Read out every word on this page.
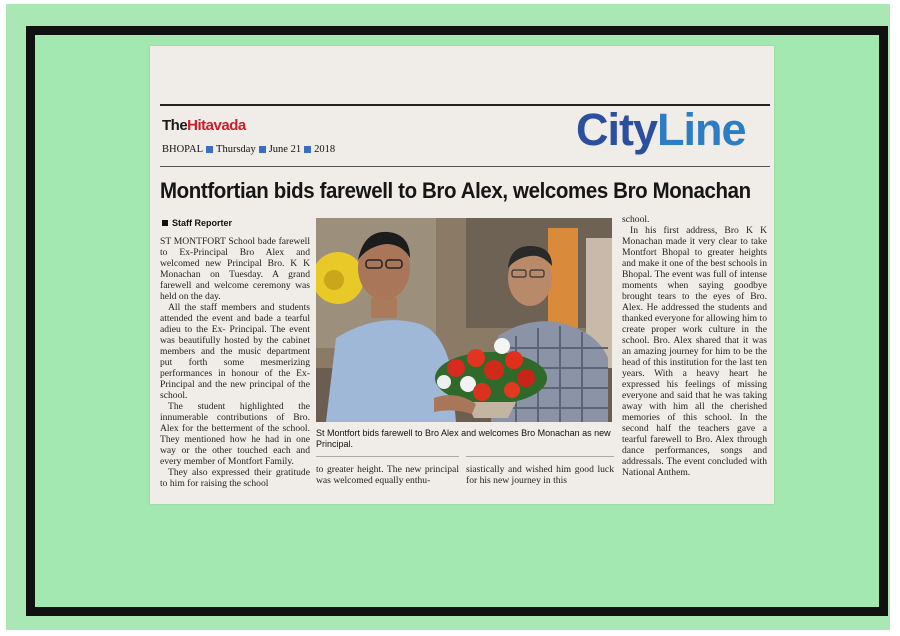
TheHitavada
BHOPAL Thursday June 21 2018	CityLine
Montfortian bids farewell to Bro Alex, welcomes Bro Monachan
Staff Reporter

ST MONTFORT School bade farewell to Ex-Principal Bro Alex and welcomed new Principal Bro. K K Monachan on Tuesday. A grand farewell and welcome ceremony was held on the day.

All the staff members and students attended the event and bade a tearful adieu to the Ex- Principal. The event was beautifully hosted by the cabinet members and the music department put forth some mesmerizing performances in honour of the Ex-Principal and the new principal of the school.

The student highlighted the innumerable contributions of Bro. Alex for the betterment of the school. They mentioned how he had in one way or the other touched each and every member of Montfort Family.

They also expressed their gratitude to him for raising the school

St Montfort bids farewell to Bro Alex and welcomes Bro Monachan as new Principal.

to greater height. The new principal was welcomed equally enthu-

siastically and wished him good luck for his new journey in this

school.

In his first address, Bro K K Monachan made it very clear to take Montfort Bhopal to greater heights and make it one of the best schools in Bhopal. The event was full of intense moments when saying goodbye brought tears to the eyes of Bro. Alex. He addressed the students and thanked everyone for allowing him to create proper work culture in the school. Bro. Alex shared that it was an amazing journey for him to be the head of this institution for the last ten years. With a heavy heart he expressed his feelings of missing everyone and said that he was taking away with him all the cherished memories of this school. In the second half the teachers gave a tearful farewell to Bro. Alex through dance performances, songs and addressals. The event concluded with National Anthem.
